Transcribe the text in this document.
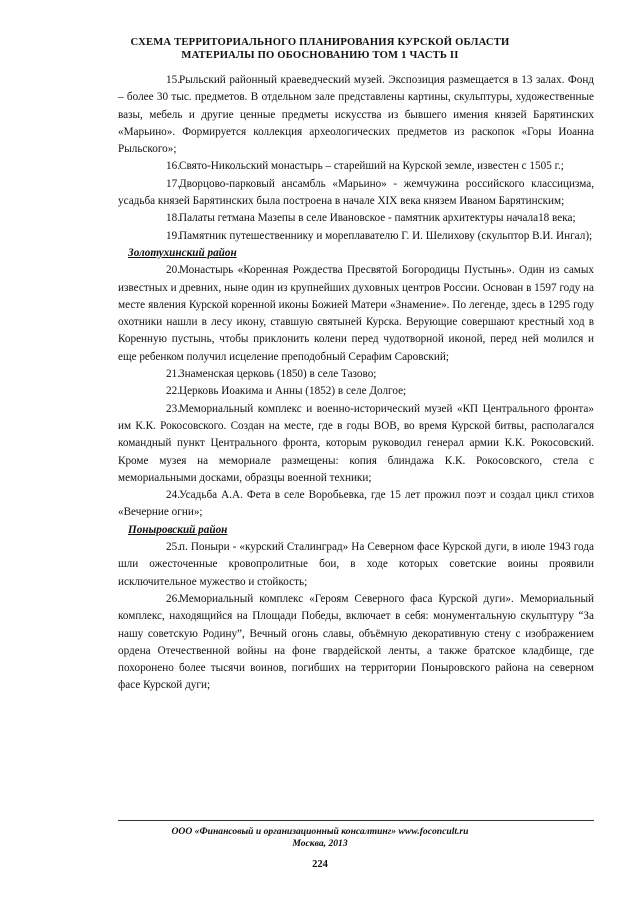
СХЕМА ТЕРРИТОРИАЛЬНОГО ПЛАНИРОВАНИЯ КУРСКОЙ ОБЛАСТИ
МАТЕРИАЛЫ ПО ОБОСНОВАНИЮ ТОМ 1 ЧАСТЬ II

15.Рыльский районный краеведческий музей. Экспозиция размещается в 13 залах. Фонд – более 30 тыс. предметов. В отдельном зале представлены картины, скульптуры, художественные вазы, мебель и другие ценные предметы искусства из бывшего имения князей Барятинских «Марьино». Формируется коллекция археологических предметов из раскопок «Горы Иоанна Рыльского»;

16.Свято-Никольский монастырь – старейший на Курской земле, известен с 1505 г.;

17.Дворцово-парковый ансамбль «Марьино» - жемчужина российского классицизма, усадьба князей Барятинских была построена в начале XIX века князем Иваном Барятинским;

18.Палаты гетмана Мазепы в селе Ивановское - памятник архитектуры начала18 века;

19.Памятник путешественнику и мореплавателю Г. И. Шелихову (скульптор В.И. Ингал);

Золотухинский район

20.Монастырь «Коренная Рождества Пресвятой Богородицы Пустынь». Один из самых известных и древних, ныне один из крупнейших духовных центров России. Основан в 1597 году на месте явления Курской коренной иконы Божией Матери «Знамение». По легенде, здесь в 1295 году охотники нашли в лесу икону, ставшую святыней Курска. Верующие совершают крестный ход в Коренную пустынь, чтобы приклонить колени перед чудотворной иконой, перед ней молился и еще ребенком получил исцеление преподобный Серафим Саровский;

21.Знаменская церковь (1850) в селе Тазово;

22.Церковь Иоакима и Анны (1852) в селе Долгое;

23.Мемориальный комплекс и военно-исторический музей «КП Центрального фронта» им К.К. Рокосовского. Создан на месте, где в годы ВОВ, во время Курской битвы, располагался командный пункт Центрального фронта, которым руководил генерал армии К.К. Рокосовский. Кроме музея на мемориале размещены: копия блиндажа К.К. Рокосовского, стела с мемориальными досками, образцы военной техники;

24.Усадьба А.А. Фета в селе Воробьевка, где 15 лет прожил поэт и создал цикл стихов «Вечерние огни»;

Поныровский район

25.п. Поныри - «курский Сталинград» На Северном фасе Курской дуги, в июле 1943 года шли ожесточенные кровопролитные бои, в ходе которых советские воины проявили исключительное мужество и стойкость;

26.Мемориальный комплекс «Героям Северного фаса Курской дуги». Мемориальный комплекс, находящийся на Площади Победы, включает в себя: монументальную скульптуру “За нашу советскую Родину”, Вечный огонь славы, объёмную декоративную стену с изображением ордена Отечественной войны на фоне гвардейской ленты, а также братское кладбище, где похоронено более тысячи воинов, погибших на территории Поныровского района на северном фасе Курской дуги;

ООО «Финансовый и организационный консалтинг» www.foconcult.ru
Москва, 2013
224
